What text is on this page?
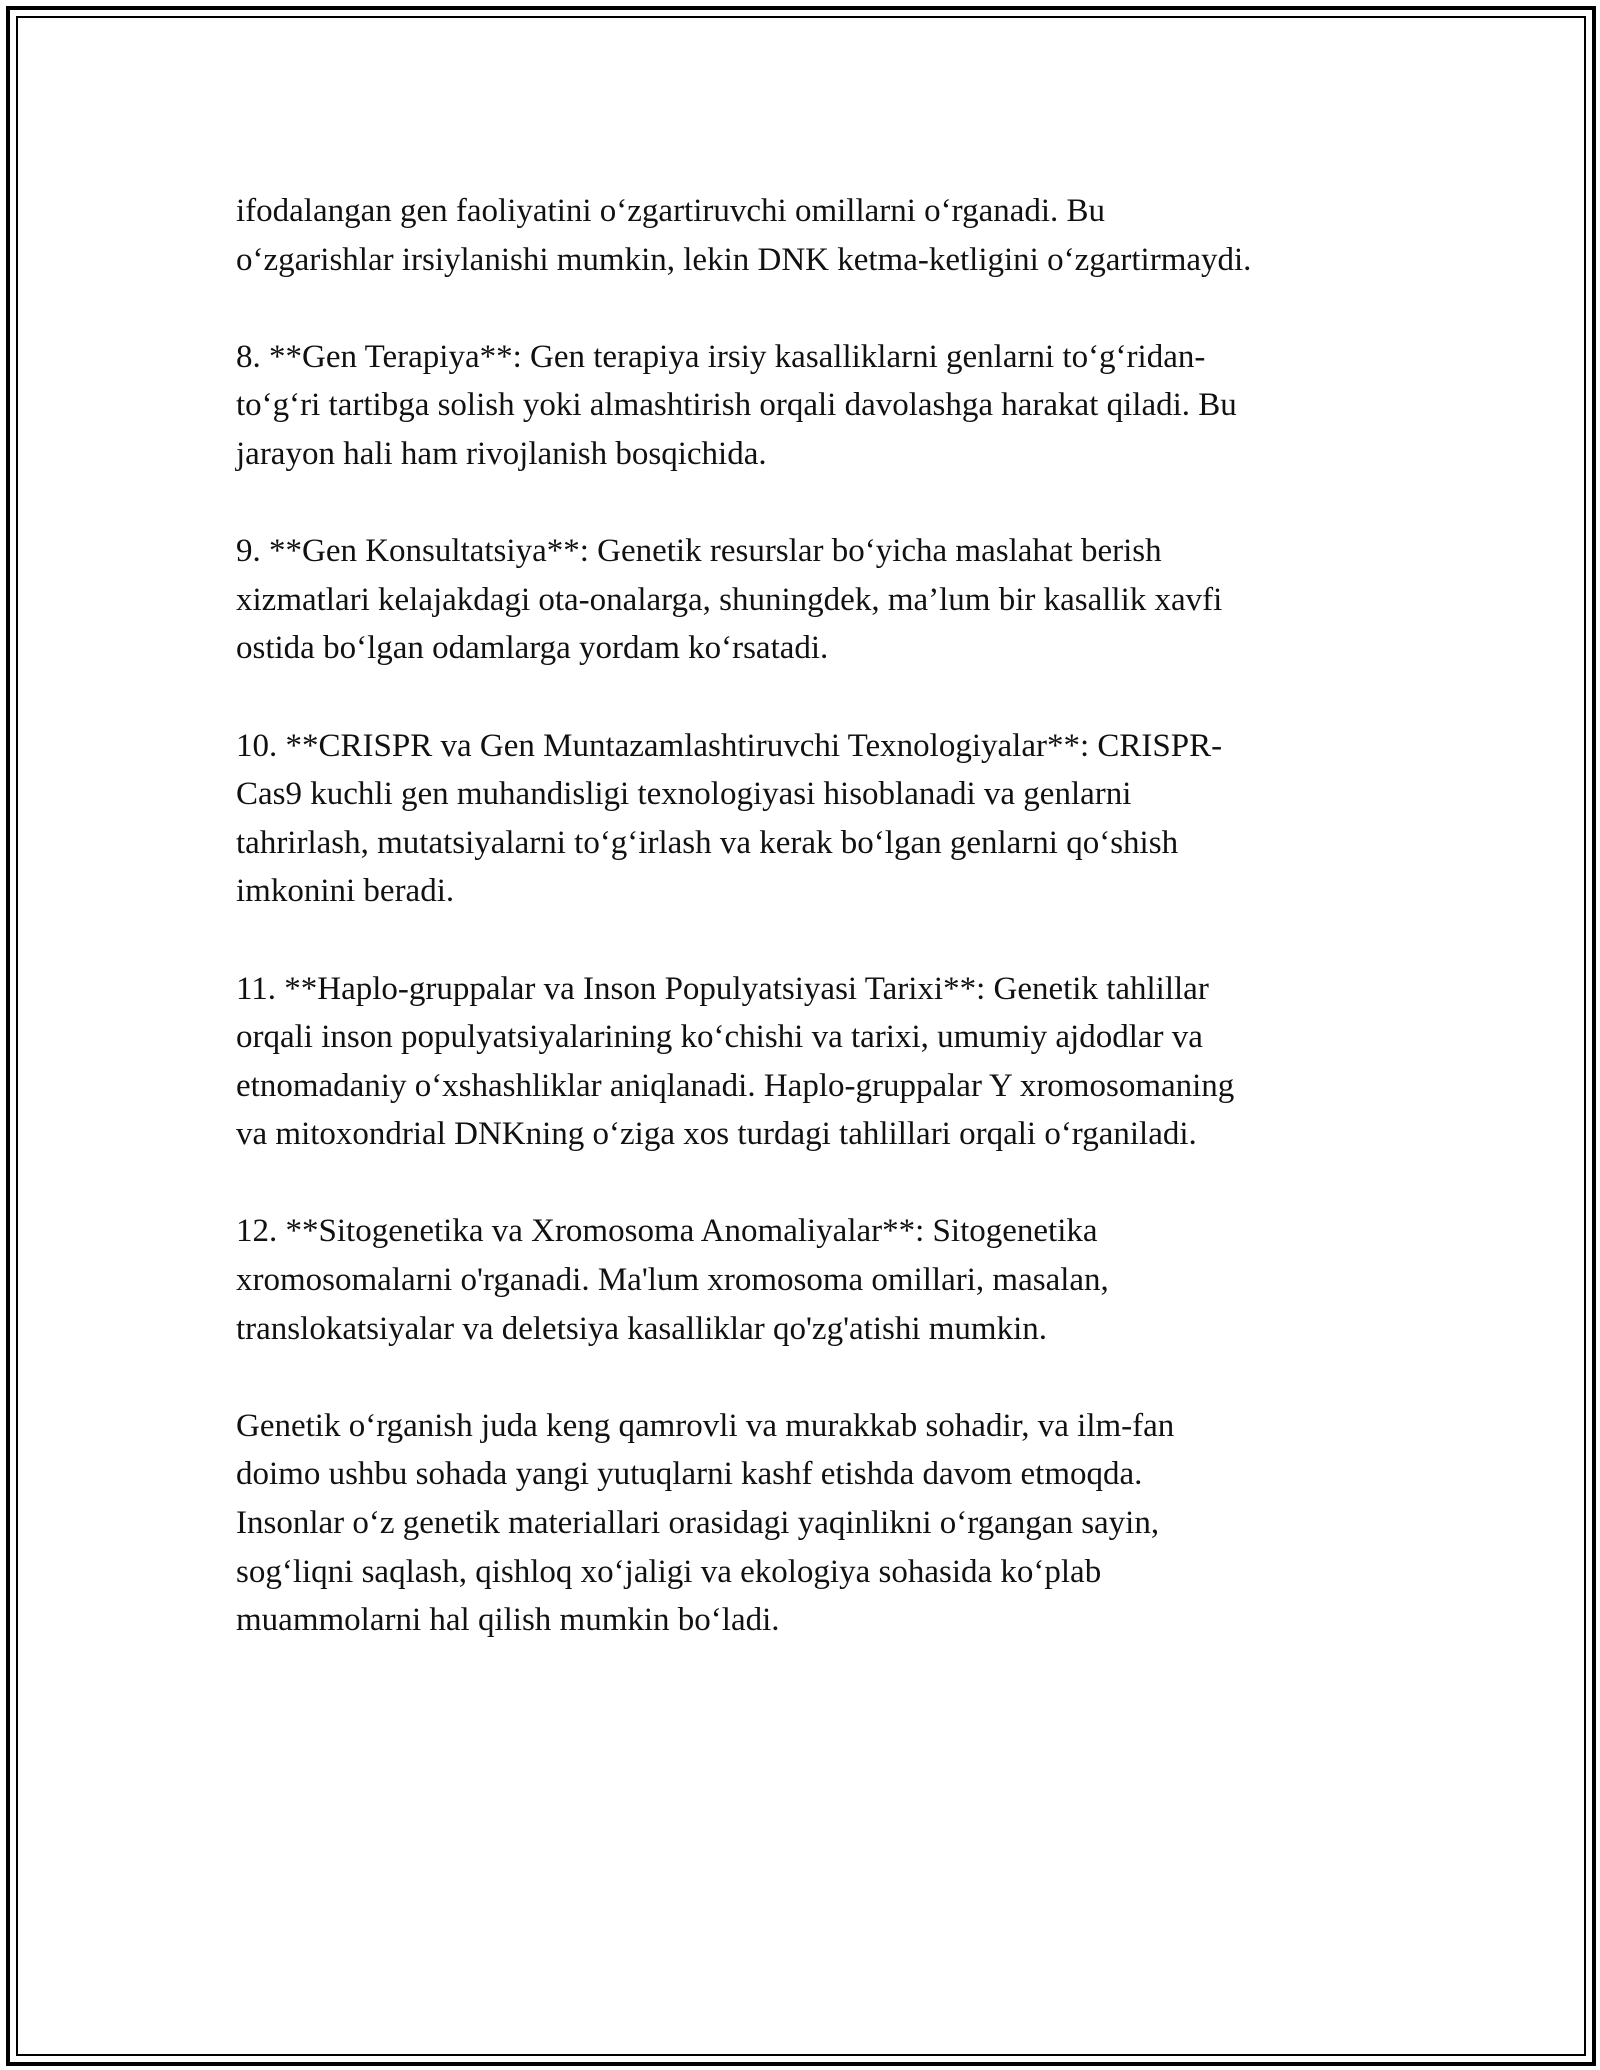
ifodalangan gen faoliyatini o‘zgartiruvchi omillarni o‘rganadi. Bu
o‘zgarishlar irsiylanishi mumkin, lekin DNK ketma-ketligini o‘zgartirmaydi.

8. **Gen Terapiya**: Gen terapiya irsiy kasalliklarni genlarni to‘g‘ridan-
to‘g‘ri tartibga solish yoki almashtirish orqali davolashga harakat qiladi. Bu
jarayon hali ham rivojlanish bosqichida.

9. **Gen Konsultatsiya**: Genetik resurslar bo‘yicha maslahat berish
xizmatlari kelajakdagi ota-onalarga, shuningdek, ma’lum bir kasallik xavfi
ostida bo‘lgan odamlarga yordam ko‘rsatadi.

10. **CRISPR va Gen Muntazamlashtiruvchi Texnologiyalar**: CRISPR-
Cas9 kuchli gen muhandisligi texnologiyasi hisoblanadi va genlarni
tahrirlash, mutatsiyalarni to‘g‘irlash va kerak bo‘lgan genlarni qo‘shish
imkonini beradi.

11. **Haplo-gruppalar va Inson Populyatsiyasi Tarixi**: Genetik tahlillar
orqali inson populyatsiyalarining ko‘chishi va tarixi, umumiy ajdodlar va
etnomadaniy o‘xshashliklar aniqlanadi. Haplo-gruppalar Y xromosomaning
va mitoxondrial DNKning o‘ziga xos turdagi tahlillari orqali o‘rganiladi.

12. **Sitogenetika va Xromosoma Anomaliyalar**: Sitogenetika
xromosomalarni o'rganadi. Ma'lum xromosoma omillari, masalan,
translokatsiyalar va deletsiya kasalliklar qo'zg'atishi mumkin.

Genetik o‘rganish juda keng qamrovli va murakkab sohadir, va ilm-fan
doimo ushbu sohada yangi yutuqlarni kashf etishda davom etmoqda.
Insonlar o‘z genetik materiallari orasidagi yaqinlikni o‘rgangan sayin,
sog‘liqni saqlash, qishloq xo‘jaligi va ekologiya sohasida ko‘plab
muammolarni hal qilish mumkin bo‘ladi.
